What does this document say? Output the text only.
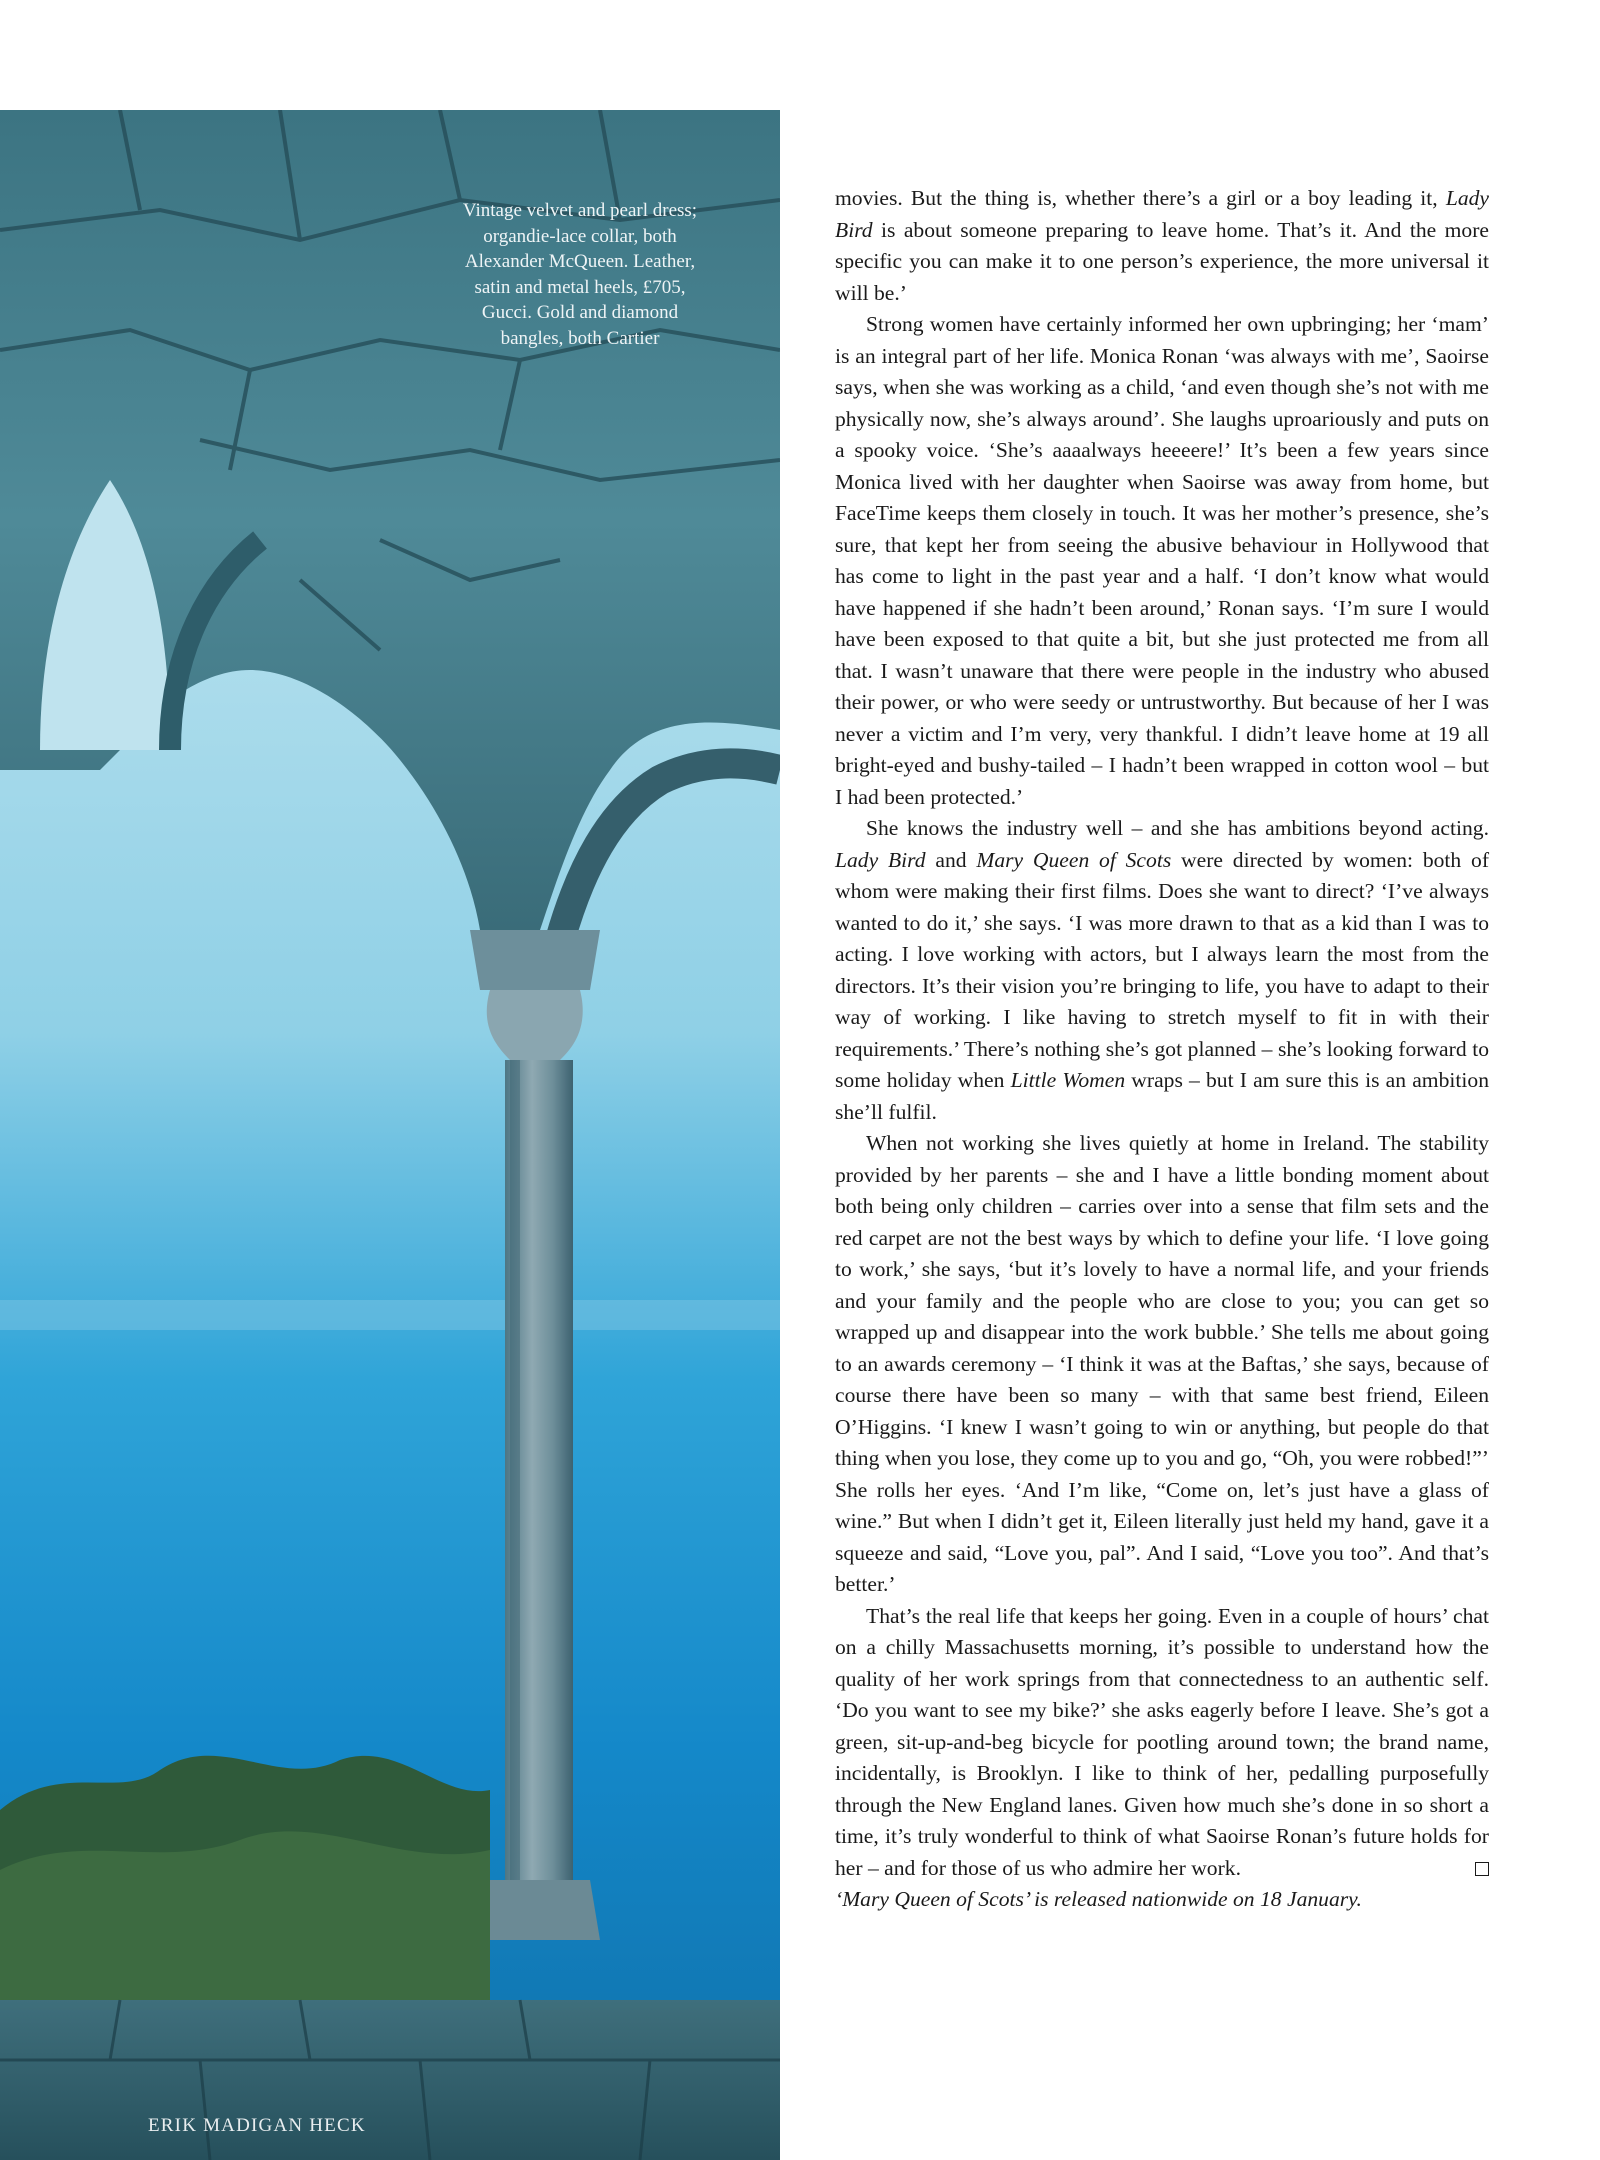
Vintage velvet and pearl dress;
organdie-lace collar, both
Alexander McQueen. Leather,
satin and metal heels, £705,
Gucci. Gold and diamond
bangles, both Cartier
ERIK MADIGAN HECK

movies. But the thing is, whether there’s a girl or a boy leading it, Lady Bird is about someone preparing to leave home. That’s it. And the more specific you can make it to one person’s experience, the more universal it will be.’

Strong women have certainly informed her own upbringing; her ‘mam’ is an integral part of her life. Monica Ronan ‘was always with me’, Saoirse says, when she was working as a child, ‘and even though she’s not with me physically now, she’s always around’. She laughs uproariously and puts on a spooky voice. ‘She’s aaaalways heeeere!’ It’s been a few years since Monica lived with her daughter when Saoirse was away from home, but FaceTime keeps them closely in touch. It was her mother’s presence, she’s sure, that kept her from seeing the abusive behaviour in Hollywood that has come to light in the past year and a half. ‘I don’t know what would have happened if she hadn’t been around,’ Ronan says. ‘I’m sure I would have been exposed to that quite a bit, but she just protected me from all that. I wasn’t unaware that there were people in the industry who abused their power, or who were seedy or untrustworthy. But because of her I was never a victim and I’m very, very thankful. I didn’t leave home at 19 all bright-eyed and bushy-tailed – I hadn’t been wrapped in cotton wool – but I had been protected.’

She knows the industry well – and she has ambitions beyond acting. Lady Bird and Mary Queen of Scots were directed by women: both of whom were making their first films. Does she want to direct? ‘I’ve always wanted to do it,’ she says. ‘I was more drawn to that as a kid than I was to acting. I love working with actors, but I always learn the most from the directors. It’s their vision you’re bringing to life, you have to adapt to their way of working. I like having to stretch myself to fit in with their requirements.’ There’s nothing she’s got planned – she’s looking forward to some holiday when Little Women wraps – but I am sure this is an ambition she’ll fulfil.

When not working she lives quietly at home in Ireland. The stability provided by her parents – she and I have a little bonding moment about both being only children – carries over into a sense that film sets and the red carpet are not the best ways by which to define your life. ‘I love going to work,’ she says, ‘but it’s lovely to have a normal life, and your friends and your family and the people who are close to you; you can get so wrapped up and disappear into the work bubble.’ She tells me about going to an awards ceremony – ‘I think it was at the Baftas,’ she says, because of course there have been so many – with that same best friend, Eileen O’Higgins. ‘I knew I wasn’t going to win or anything, but people do that thing when you lose, they come up to you and go, “Oh, you were robbed!”’ She rolls her eyes. ‘And I’m like, “Come on, let’s just have a glass of wine.” But when I didn’t get it, Eileen literally just held my hand, gave it a squeeze and said, “Love you, pal”. And I said, “Love you too”. And that’s better.’

That’s the real life that keeps her going. Even in a couple of hours’ chat on a chilly Massachusetts morning, it’s possible to understand how the quality of her work springs from that connectedness to an authentic self. ‘Do you want to see my bike?’ she asks eagerly before I leave. She’s got a green, sit-up-and-beg bicycle for pootling around town; the brand name, incidentally, is Brooklyn. I like to think of her, pedalling purposefully through the New England lanes. Given how much she’s done in so short a time, it’s truly wonderful to think of what Saoirse Ronan’s future holds for her – and for those of us who admire her work.

‘Mary Queen of Scots’ is released nationwide on 18 January.
